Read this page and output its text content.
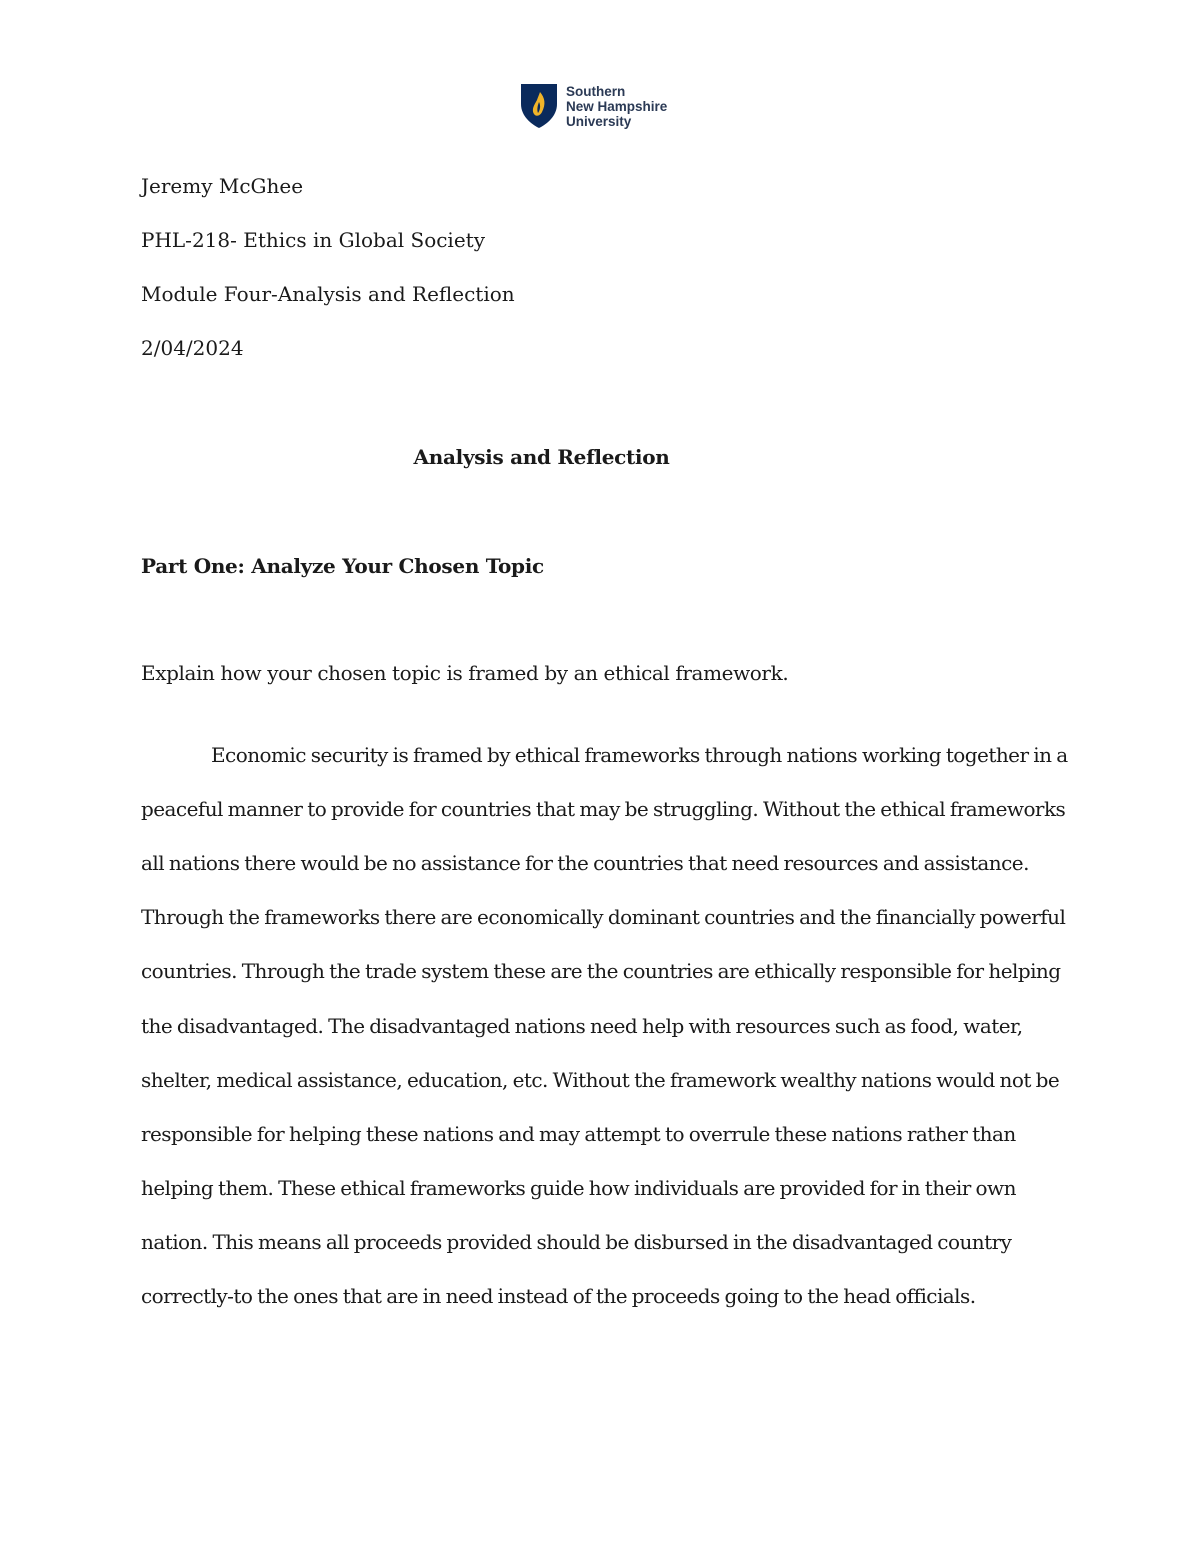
Southern
New Hampshire
University
Jeremy McGhee
PHL-218- Ethics in Global Society
Module Four-Analysis and Reflection
2/04/2024
Analysis and Reflection
Part One: Analyze Your Chosen Topic
Explain how your chosen topic is framed by an ethical framework.
Economic security is framed by ethical frameworks through nations working together in a
peaceful manner to provide for countries that may be struggling. Without the ethical frameworks
all nations there would be no assistance for the countries that need resources and assistance.
Through the frameworks there are economically dominant countries and the financially powerful
countries. Through the trade system these are the countries are ethically responsible for helping
the disadvantaged. The disadvantaged nations need help with resources such as food, water,
shelter, medical assistance, education, etc. Without the framework wealthy nations would not be
responsible for helping these nations and may attempt to overrule these nations rather than
helping them. These ethical frameworks guide how individuals are provided for in their own
nation. This means all proceeds provided should be disbursed in the disadvantaged country
correctly-to the ones that are in need instead of the proceeds going to the head officials.
